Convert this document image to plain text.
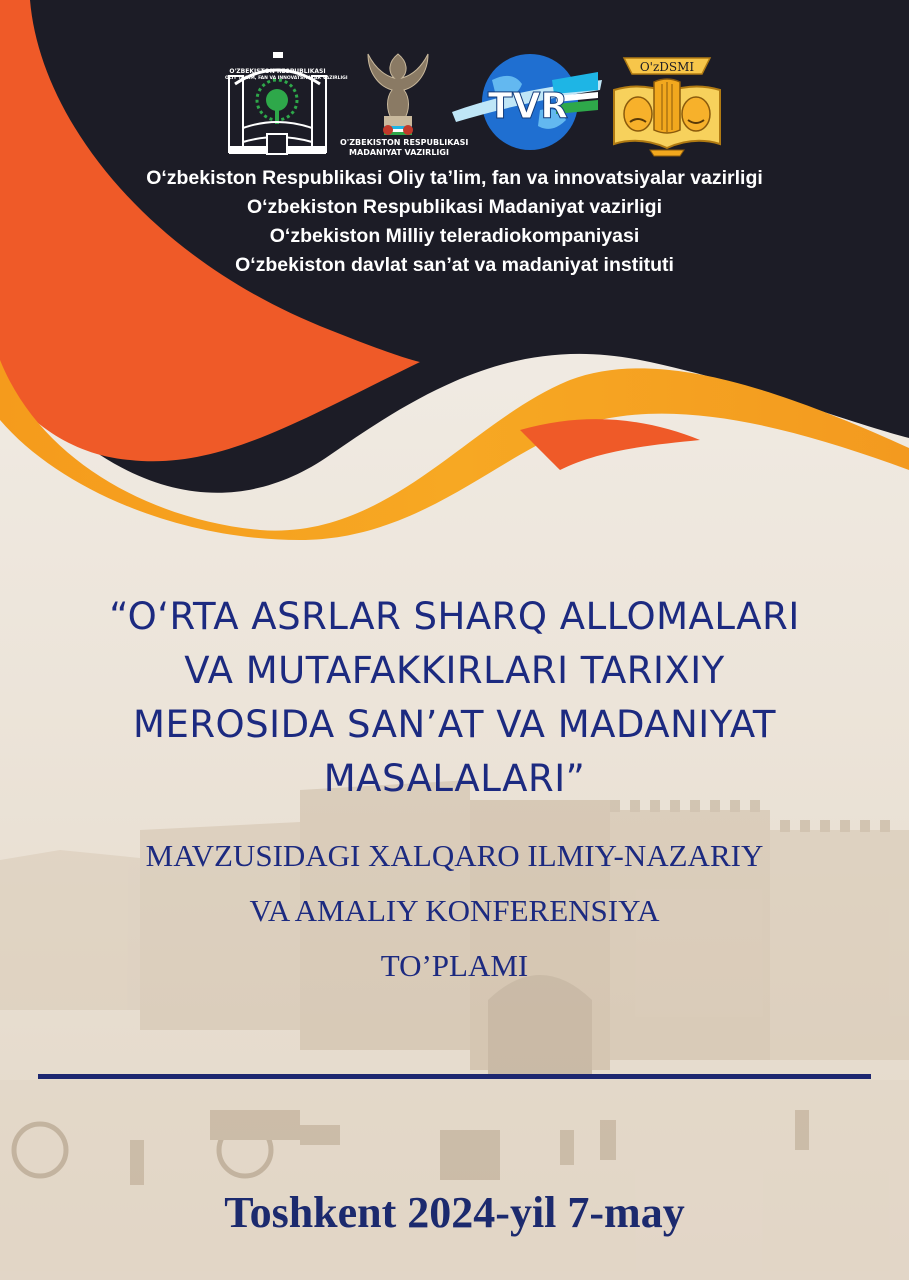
O'ZBEKISTON RESPUBLIKASI
OLIY TA'LIM, FAN VA INNOVATSIYALAR VAZIRLIGI
O'ZBEKISTON RESPUBLIKASI
MADANIYAT VAZIRLIGI
TVR
O'zDSMI
O‘zbekiston Respublikasi Oliy ta’lim, fan va innovatsiyalar vazirligi
O‘zbekiston Respublikasi Madaniyat vazirligi
O‘zbekiston Milliy teleradiokompaniyasi
O‘zbekiston davlat san’at va madaniyat instituti
“O‘RTA ASRLAR SHARQ ALLOMALARI
VA MUTAFAKKIRLARI TARIXIY
MEROSIDA SAN’AT VA MADANIYAT
MASALALARI”
MAVZUSIDAGI XALQARO ILMIY-NAZARIY
VA AMALIY KONFERENSIYA
TO’PLAMI
Toshkent 2024-yil 7-may
